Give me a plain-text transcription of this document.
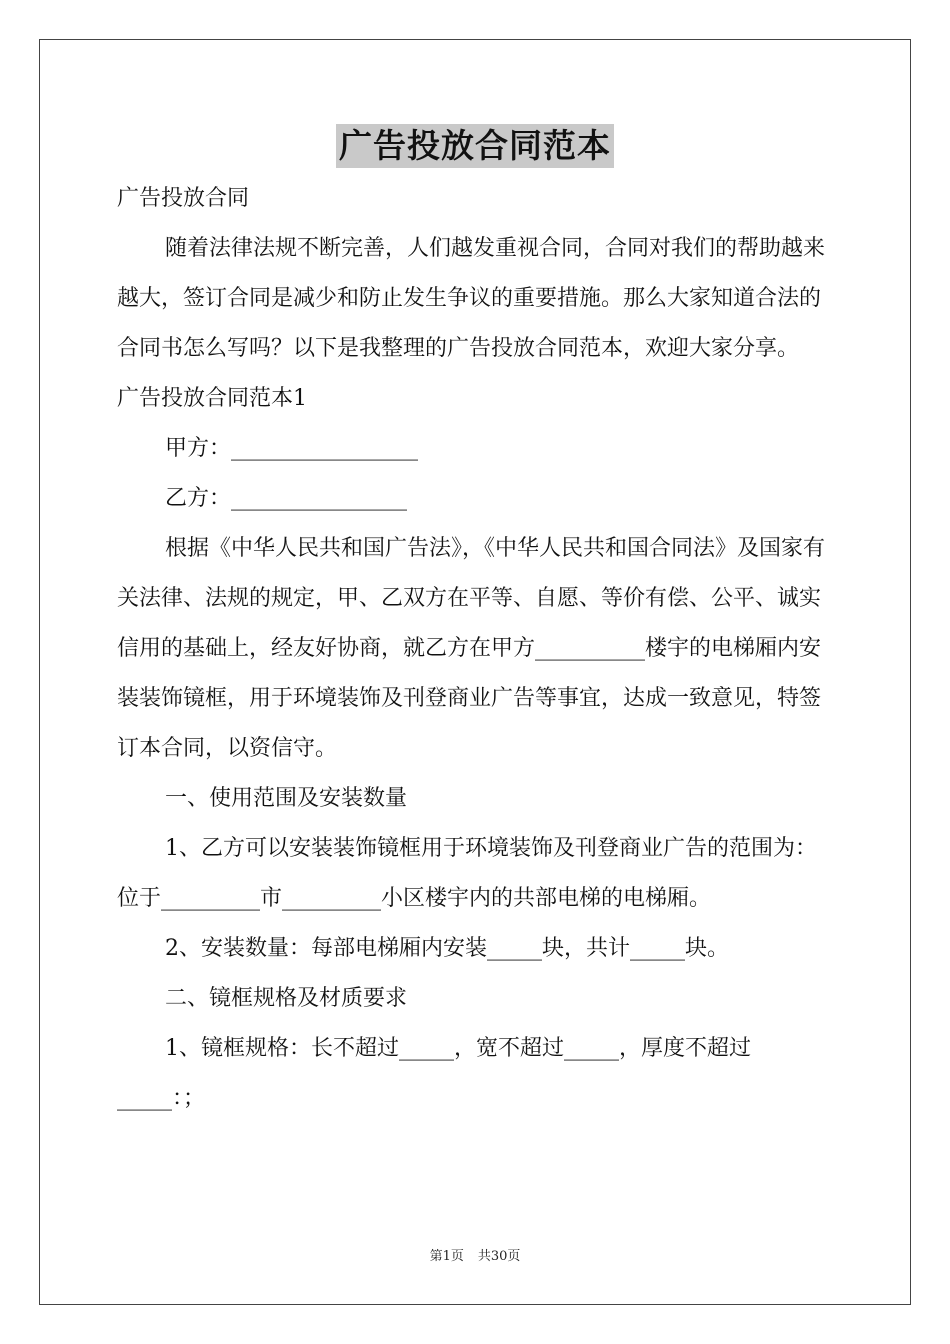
广告投放合同范本

广告投放合同

随着法律法规不断完善，人们越发重视合同，合同对我们的帮助越来越大，签订合同是减少和防止发生争议的重要措施。那么大家知道合法的合同书怎么写吗？以下是我整理的广告投放合同范本，欢迎大家分享。

广告投放合同范本1

甲方：_________________

乙方：________________

根据《中华人民共和国广告法》，《中华人民共和国合同法》及国家有关法律、法规的规定，甲、乙双方在平等、自愿、等价有偿、公平、诚实信用的基础上，经友好协商，就乙方在甲方__________楼宇的电梯厢内安装装饰镜框，用于环境装饰及刊登商业广告等事宜，达成一致意见，特签订本合同，以资信守。

一、使用范围及安装数量

1、乙方可以安装装饰镜框用于环境装饰及刊登商业广告的范围为：位于_________市_________小区楼宇内的共部电梯的电梯厢。

2、安装数量：每部电梯厢内安装_____块，共计_____块。

二、镜框规格及材质要求

1、镜框规格：长不超过_____，宽不超过_____，厚度不超过_____：；

第1页 共30页
